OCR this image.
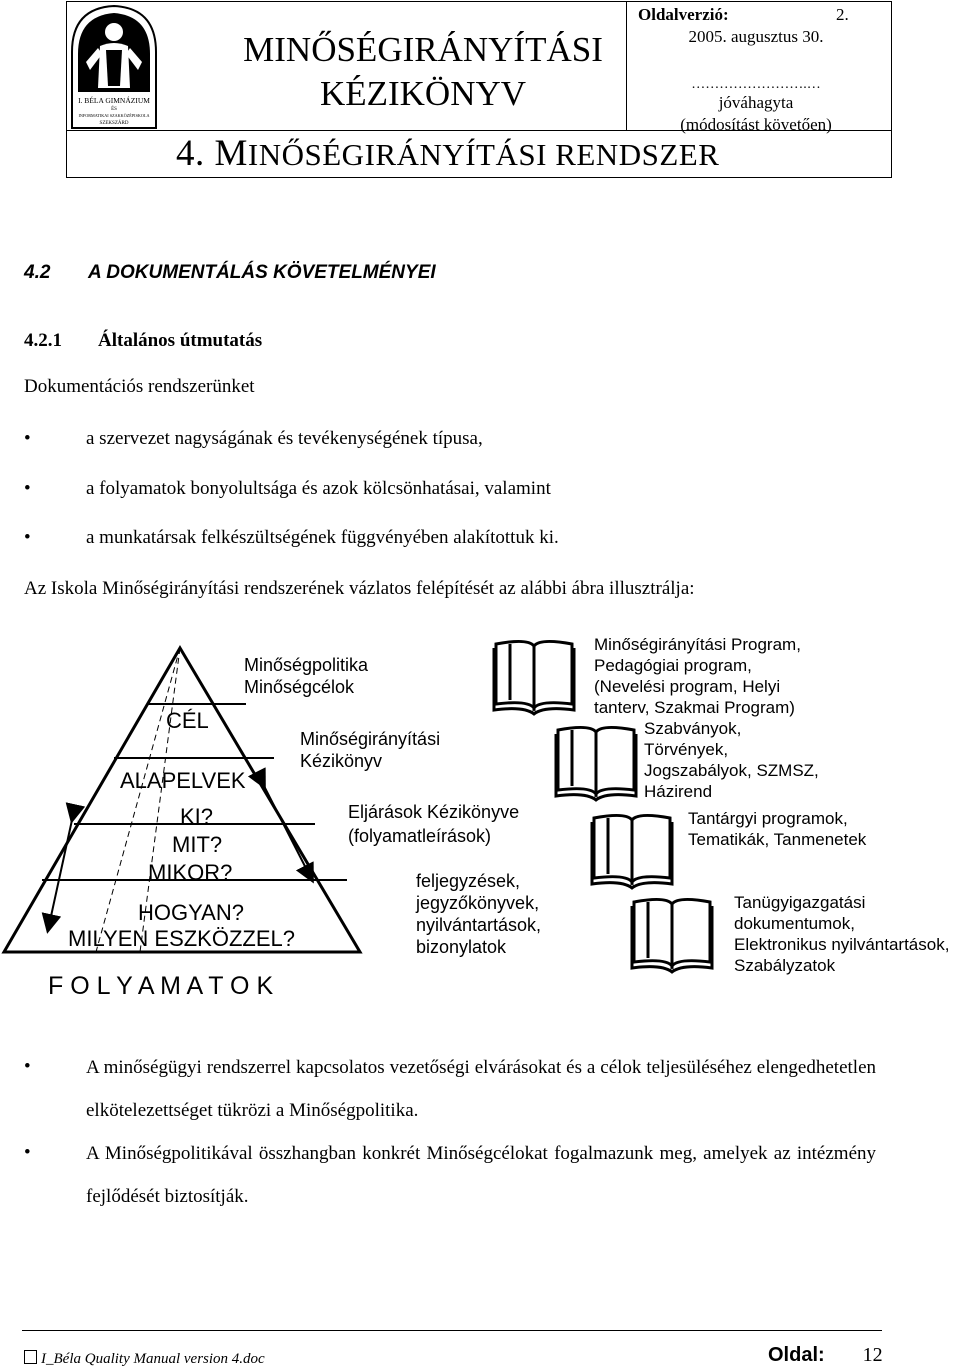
I. BÉLA GIMNÁZIUM
ÉS
INFORMATIKAI SZAKKÖZÉPISKOLA
SZEKSZÁRD
MINŐSÉGIRÁNYÍTÁSI
KÉZIKÖNYV
Oldalverzió:	2.
2005. augusztus 30.
…………………….…
jóváhagyta
(módosítást követően)
4. MINŐSÉGIRÁNYÍTÁSI RENDSZER
4.2 A DOKUMENTÁLÁS KÖVETELMÉNYEI
4.2.1 Általános útmutatás
Dokumentációs rendszerünket
•	a szervezet nagyságának és tevékenységének típusa,
•	a folyamatok bonyolultsága és azok kölcsönhatásai, valamint
•	a munkatársak felkészültségének függvényében alakítottuk ki.
Az Iskola Minőségirányítási rendszerének vázlatos felépítését az alábbi ábra illusztrálja:
CÉL
ALAPELVEK
KI?
MIT?
MIKOR?
HOGYAN?
MILYEN ESZKÖZZEL?
F O L Y A M A T O K
Minőségpolitika
Minőségcélok
Minőségirányítási
Kézikönyv
Eljárások Kézikönyve
(folyamatleírások)
feljegyzések,
jegyzőkönyvek,
nyilvántartások,
bizonylatok
Minőségirányítási Program,
Pedagógiai program,
(Nevelési program, Helyi
tanterv, Szakmai Program)
Szabványok,
Törvények,
Jogszabályok, SZMSZ,
Házirend
Tantárgyi programok,
Tematikák, Tanmenetek
Tanügyigazgatási
dokumentumok,
Elektronikus nyilvántartások,
Szabályzatok
•	A minőségügyi rendszerrel kapcsolatos vezetőségi elvárásokat és a célok teljesüléséhez elengedhetetlen elkötelezettséget tükrözi a Minőségpolitika.
•	A Minőségpolitikával összhangban konkrét Minőségcélokat fogalmazunk meg, amelyek az intézmény fejlődését biztosítják.
I_Béla Quality Manual version 4.doc	Oldal: 12
